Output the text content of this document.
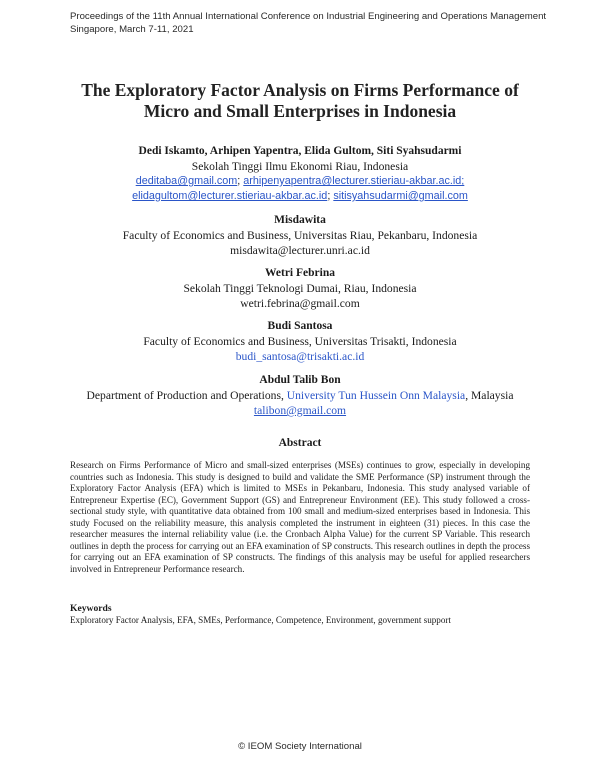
Proceedings of the 11th Annual International Conference on Industrial Engineering and Operations Management
Singapore, March 7-11, 2021
The Exploratory Factor Analysis on Firms Performance of
Micro and Small Enterprises in Indonesia
Dedi Iskamto, Arhipen Yapentra, Elida Gultom, Siti Syahsudarmi
Sekolah Tinggi Ilmu Ekonomi Riau, Indonesia
deditaba@gmail.com; arhipenyapentra@lecturer.stieriau-akbar.ac.id;
elidagultom@lecturer.stieriau-akbar.ac.id; sitisyahsudarmi@gmail.com
Misdawita
Faculty of Economics and Business, Universitas Riau, Pekanbaru, Indonesia
misdawita@lecturer.unri.ac.id
Wetri Febrina
Sekolah Tinggi Teknologi Dumai, Riau, Indonesia
wetri.febrina@gmail.com
Budi Santosa
Faculty of Economics and Business, Universitas Trisakti, Indonesia
budi_santosa@trisakti.ac.id
Abdul Talib Bon
Department of Production and Operations, University Tun Hussein Onn Malaysia, Malaysia
talibon@gmail.com
Abstract
Research on Firms Performance of Micro and small-sized enterprises (MSEs) continues to grow, especially in developing countries such as Indonesia. This study is designed to build and validate the SME Performance (SP) instrument through the Exploratory Factor Analysis (EFA) which is limited to MSEs in Pekanbaru, Indonesia. This study analysed variable of Entrepreneur Expertise (EC), Government Support (GS) and Entrepreneur Environment (EE). This study followed a cross-sectional study style, with quantitative data obtained from 100 small and medium-sized enterprises based in Indonesia. This study Focused on the reliability measure, this analysis completed the instrument in eighteen (31) pieces. In this case the researcher measures the internal reliability value (i.e. the Cronbach Alpha Value) for the current SP Variable. This research outlines in depth the process for carrying out an EFA examination of SP constructs. This research outlines in depth the process for carrying out an EFA examination of SP constructs. The findings of this analysis may be useful for applied researchers involved in Entrepreneur Performance research.
Keywords
Exploratory Factor Analysis, EFA, SMEs, Performance, Competence, Environment, government support
© IEOM Society International
